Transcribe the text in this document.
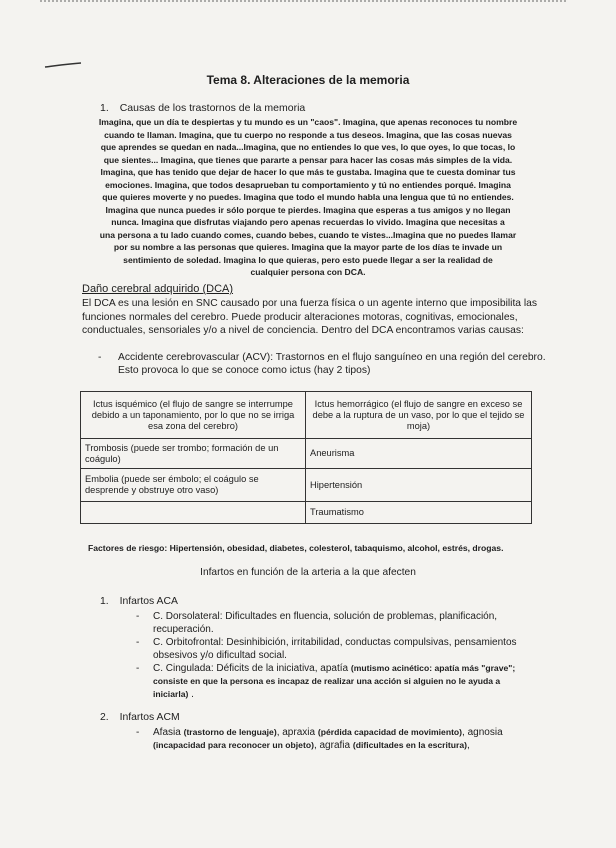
Tema 8. Alteraciones de la memoria
1. Causas de los trastornos de la memoria
Imagina, que un día te despiertas y tu mundo es un "caos". Imagina, que apenas reconoces tu nombre
cuando te llaman. Imagina, que tu cuerpo no responde a tus deseos. Imagina, que las cosas nuevas
que aprendes se quedan en nada...Imagina, que no entiendes lo que ves, lo que oyes, lo que tocas, lo
que sientes... Imagina, que tienes que pararte a pensar para hacer las cosas más simples de la vida.
Imagina, que has tenido que dejar de hacer lo que más te gustaba. Imagina que te cuesta dominar tus
emociones. Imagina, que todos desaprueban tu comportamiento y tú no entiendes porqué. Imagina
que quieres moverte y no puedes. Imagina que todo el mundo habla una lengua que tú no entiendes.
Imagina que nunca puedes ir sólo porque te pierdes. Imagina que esperas a tus amigos y no llegan
nunca. Imagina que disfrutas viajando pero apenas recuerdas lo vivido. Imagina que necesitas a
una persona a tu lado cuando comes, cuando bebes, cuando te vistes...Imagina que no puedes llamar
por su nombre a las personas que quieres. Imagina que la mayor parte de los días te invade un
sentimiento de soledad. Imagina lo que quieras, pero esto puede llegar a ser la realidad de
cualquier persona con DCA.
Daño cerebral adquirido (DCA)
El DCA es una lesión en SNC causado por una fuerza física o un agente interno que imposibilita las
funciones normales del cerebro. Puede producir alteraciones motoras, cognitivas, emocionales,
conductuales, sensoriales y/o a nivel de conciencia. Dentro del DCA encontramos varias causas:
- Accidente cerebrovascular (ACV): Trastornos en el flujo sanguíneo en una región del cerebro.
Esto provoca lo que se conoce como ictus (hay 2 tipos)
Ictus isquémico (el flujo de sangre se interrumpe debido a un taponamiento, por lo que no se irriga esa zona del cerebro)	Ictus hemorrágico (el flujo de sangre en exceso se debe a la ruptura de un vaso, por lo que el tejido se moja)
Trombosis (puede ser trombo; formación de un coágulo)	Aneurisma
Embolia (puede ser émbolo; el coágulo se desprende y obstruye otro vaso)	Hipertensión
	Traumatismo
Factores de riesgo: Hipertensión, obesidad, diabetes, colesterol, tabaquismo, alcohol, estrés, drogas.
Infartos en función de la arteria a la que afecten
1. Infartos ACA
- C. Dorsolateral: Dificultades en fluencia, solución de problemas, planificación, recuperación.
- C. Orbitofrontal: Desinhibición, irritabilidad, conductas compulsivas, pensamientos obsesivos y/o dificultad social.
- C. Cingulada: Déficits de la iniciativa, apatía (mutismo acinético: apatía más "grave"; consiste en que la persona es incapaz de realizar una acción si alguien no le ayuda a iniciarla) .
2. Infartos ACM
- Afasia (trastorno de lenguaje), apraxia (pérdida capacidad de movimiento), agnosia (incapacidad para reconocer un objeto), agrafia (dificultades en la escritura),
